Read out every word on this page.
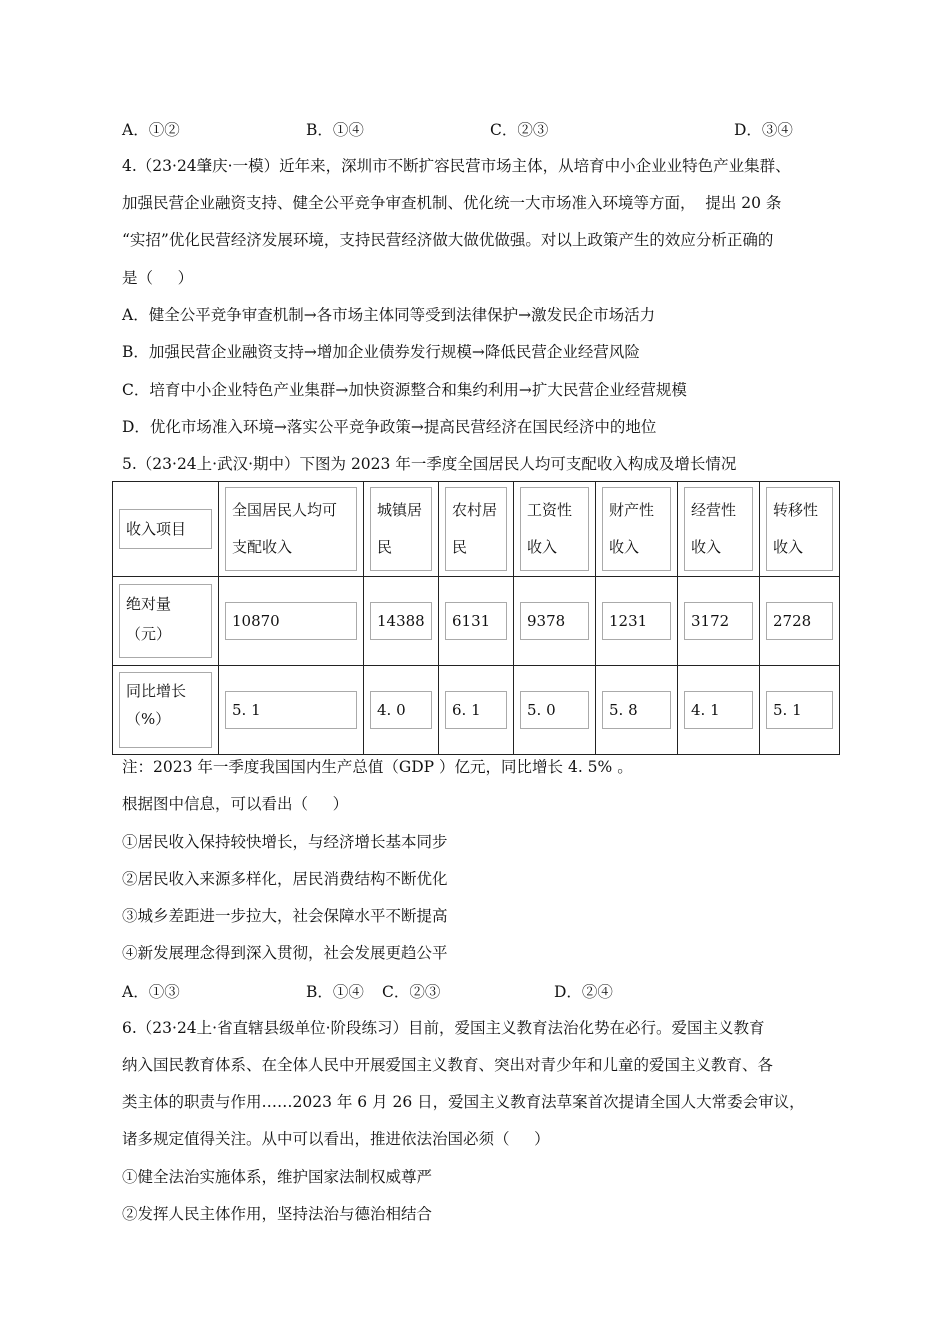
A．①②	B．①④	C．②③	D．③④
4.（23·24肇庆·一模）近年来，深圳市不断扩容民营市场主体，从培育中小企业业特色产业集群、
加强民营企业融资支持、健全公平竞争审查机制、优化统一大市场准入环境等方面，  提出 20 条
“实招”优化民营经济发展环境，支持民营经济做大做优做强。对以上政策产生的效应分析正确的
是（     ）
A．健全公平竞争审查机制→各市场主体同等受到法律保护→激发民企市场活力
B．加强民营企业融资支持→增加企业债券发行规模→降低民营企业经营风险
C．培育中小企业特色产业集群→加快资源整合和集约利用→扩大民营企业经营规模
D．优化市场准入环境→落实公平竞争政策→提高民营经济在国民经济中的地位
5.（23·24上·武汉·期中）下图为 2023 年一季度全国居民人均可支配收入构成及增长情况
收入项目	全国居民人均可支配收入	城镇居民	农村居民	工资性收入	财产性收入	经营性收入	转移性收入

绝对量（元）	10870	14388	6131	9378	1231	3172	2728

同比增长（%）	5. 1	4. 0	6. 1	5. 0	5. 8	4. 1	5. 1
注：2023 年一季度我国国内生产总值（GDP ）亿元，同比增长 4. 5% 。
根据图中信息，可以看出（     ）
①居民收入保持较快增长，与经济增长基本同步
②居民收入来源多样化，居民消费结构不断优化
③城乡差距进一步拉大，社会保障水平不断提高
④新发展理念得到深入贯彻，社会发展更趋公平
A．①③	B．①④ C．②③	D．②④
6.（23·24上·省直辖县级单位·阶段练习）目前，爱国主义教育法治化势在必行。爱国主义教育
纳入国民教育体系、在全体人民中开展爱国主义教育、突出对青少年和儿童的爱国主义教育、各
类主体的职责与作用……2023 年 6 月 26 日，爱国主义教育法草案首次提请全国人大常委会审议，
诸多规定值得关注。从中可以看出，推进依法治国必须（     ）
①健全法治实施体系，维护国家法制权威尊严
②发挥人民主体作用，坚持法治与德治相结合
